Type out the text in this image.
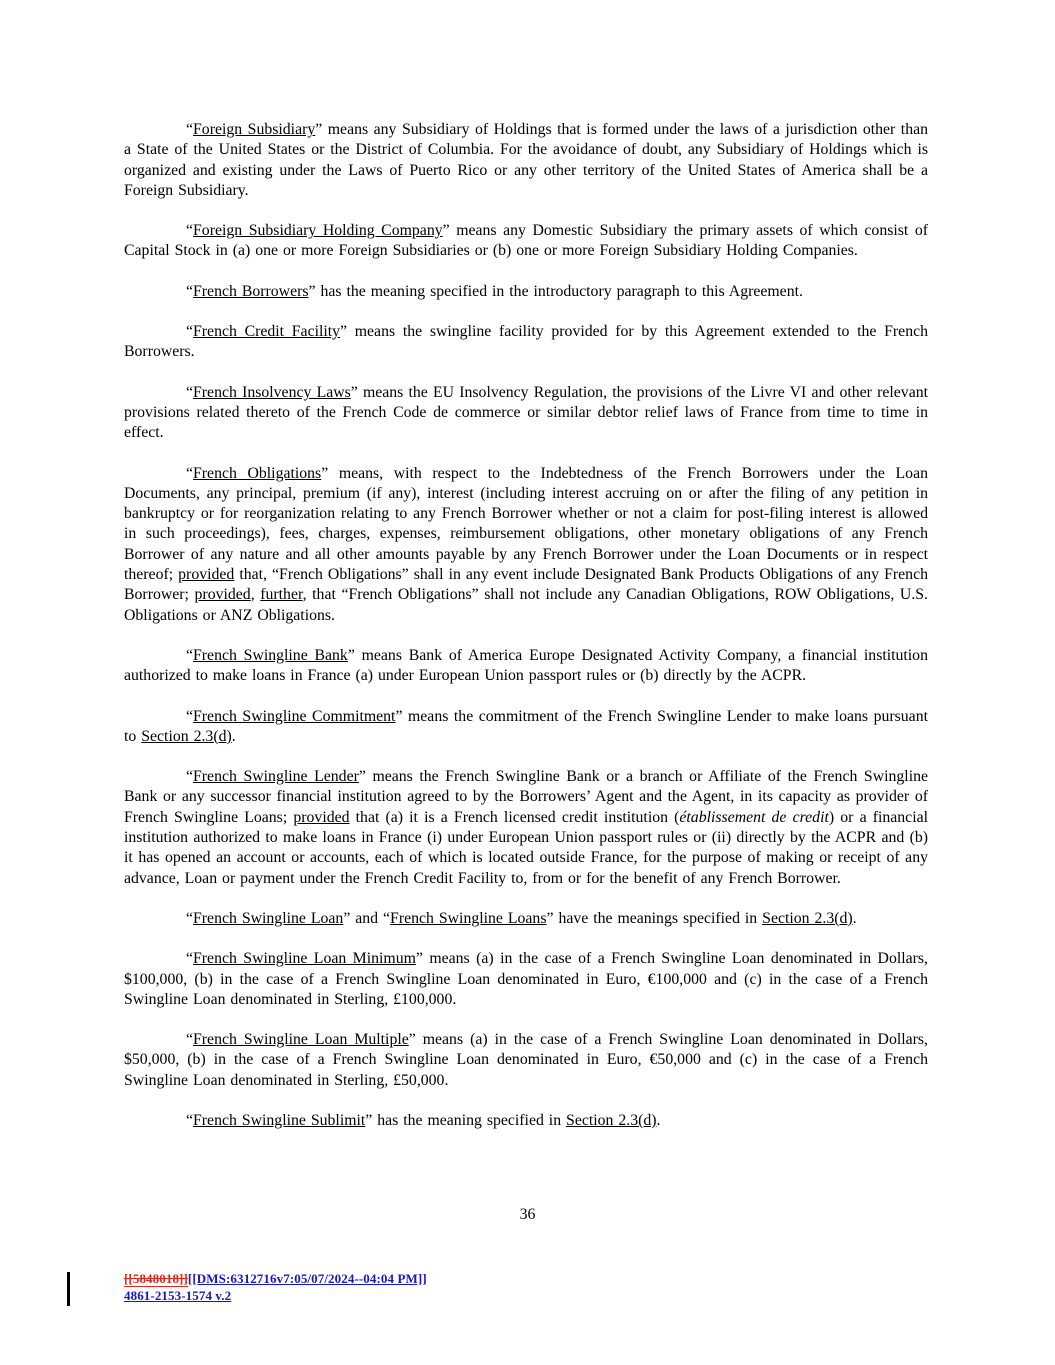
“Foreign Subsidiary” means any Subsidiary of Holdings that is formed under the laws of a jurisdiction other than a State of the United States or the District of Columbia. For the avoidance of doubt, any Subsidiary of Holdings which is organized and existing under the Laws of Puerto Rico or any other territory of the United States of America shall be a Foreign Subsidiary.

“Foreign Subsidiary Holding Company” means any Domestic Subsidiary the primary assets of which consist of Capital Stock in (a) one or more Foreign Subsidiaries or (b) one or more Foreign Subsidiary Holding Companies.

“French Borrowers” has the meaning specified in the introductory paragraph to this Agreement.

“French Credit Facility” means the swingline facility provided for by this Agreement extended to the French Borrowers.

“French Insolvency Laws” means the EU Insolvency Regulation, the provisions of the Livre VI and other relevant provisions related thereto of the French Code de commerce or similar debtor relief laws of France from time to time in effect.

“French Obligations” means, with respect to the Indebtedness of the French Borrowers under the Loan Documents, any principal, premium (if any), interest (including interest accruing on or after the filing of any petition in bankruptcy or for reorganization relating to any French Borrower whether or not a claim for post-filing interest is allowed in such proceedings), fees, charges, expenses, reimbursement obligations, other monetary obligations of any French Borrower of any nature and all other amounts payable by any French Borrower under the Loan Documents or in respect thereof; provided that, “French Obligations” shall in any event include Designated Bank Products Obligations of any French Borrower; provided, further, that “French Obligations” shall not include any Canadian Obligations, ROW Obligations, U.S. Obligations or ANZ Obligations.

“French Swingline Bank” means Bank of America Europe Designated Activity Company, a financial institution authorized to make loans in France (a) under European Union passport rules or (b) directly by the ACPR.

“French Swingline Commitment” means the commitment of the French Swingline Lender to make loans pursuant to Section 2.3(d).

“French Swingline Lender” means the French Swingline Bank or a branch or Affiliate of the French Swingline Bank or any successor financial institution agreed to by the Borrowers’ Agent and the Agent, in its capacity as provider of French Swingline Loans; provided that (a) it is a French licensed credit institution (établissement de credit) or a financial institution authorized to make loans in France (i) under European Union passport rules or (ii) directly by the ACPR and (b) it has opened an account or accounts, each of which is located outside France, for the purpose of making or receipt of any advance, Loan or payment under the French Credit Facility to, from or for the benefit of any French Borrower.

“French Swingline Loan” and “French Swingline Loans” have the meanings specified in Section 2.3(d).

“French Swingline Loan Minimum” means (a) in the case of a French Swingline Loan denominated in Dollars, $100,000, (b) in the case of a French Swingline Loan denominated in Euro, €100,000 and (c) in the case of a French Swingline Loan denominated in Sterling, £100,000.

“French Swingline Loan Multiple” means (a) in the case of a French Swingline Loan denominated in Dollars, $50,000, (b) in the case of a French Swingline Loan denominated in Euro, €50,000 and (c) in the case of a French Swingline Loan denominated in Sterling, £50,000.

“French Swingline Sublimit” has the meaning specified in Section 2.3(d).

36
[[5848018]][[DMS:6312716v7:05/07/2024--04:04 PM]]
4861-2153-1574 v.2
